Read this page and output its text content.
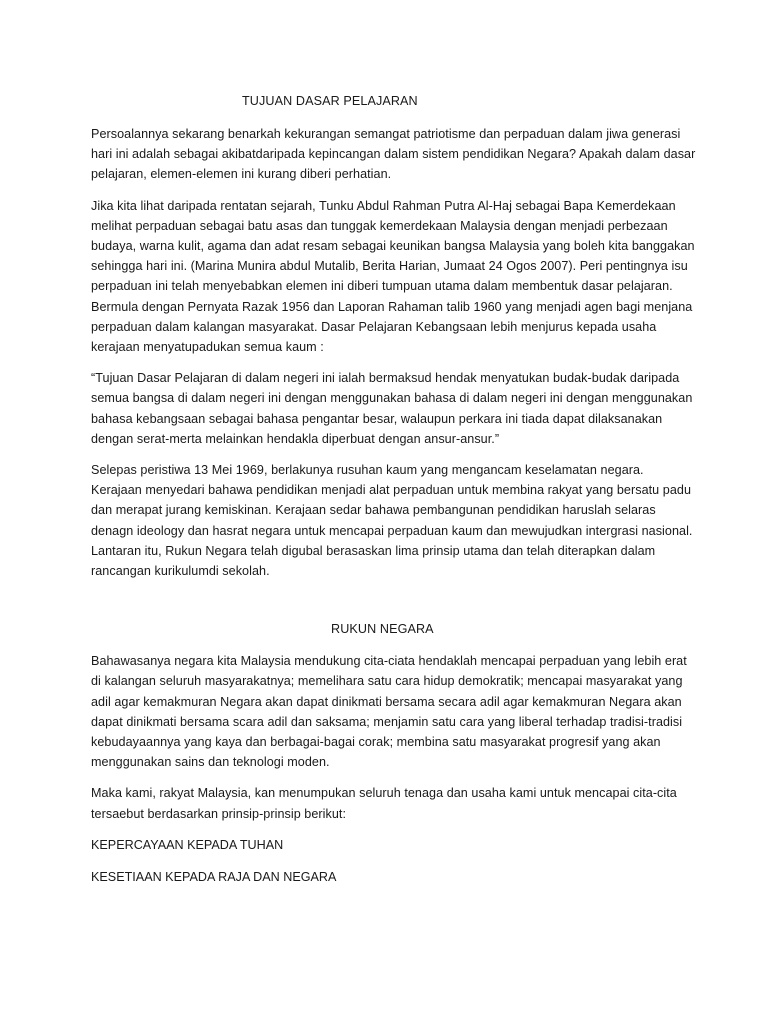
TUJUAN DASAR PELAJARAN

Persoalannya sekarang benarkah kekurangan semangat patriotisme dan perpaduan dalam jiwa generasi hari ini adalah sebagai akibatdaripada kepincangan dalam sistem pendidikan Negara? Apakah dalam dasar pelajaran, elemen-elemen ini kurang diberi perhatian.

Jika kita lihat daripada rentatan sejarah, Tunku Abdul Rahman Putra Al-Haj sebagai Bapa Kemerdekaan melihat perpaduan sebagai batu asas dan tunggak kemerdekaan Malaysia dengan menjadi perbezaan budaya, warna kulit, agama dan adat resam sebagai keunikan bangsa Malaysia yang boleh kita banggakan sehingga hari ini. (Marina Munira abdul Mutalib, Berita Harian, Jumaat 24 Ogos 2007). Peri pentingnya isu perpaduan ini telah menyebabkan elemen ini diberi tumpuan utama dalam membentuk dasar pelajaran. Bermula dengan Pernyata Razak 1956 dan Laporan Rahaman talib 1960 yang menjadi agen bagi menjana perpaduan dalam kalangan masyarakat. Dasar Pelajaran Kebangsaan lebih menjurus kepada usaha kerajaan menyatupadukan semua kaum :

“Tujuan Dasar Pelajaran di dalam negeri ini ialah bermaksud hendak menyatukan budak-budak daripada semua bangsa di dalam negeri ini dengan menggunakan bahasa di dalam negeri ini dengan menggunakan bahasa kebangsaan sebagai bahasa pengantar besar, walaupun perkara ini tiada dapat dilaksanakan dengan serat-merta melainkan hendakla diperbuat dengan ansur-ansur.”

Selepas peristiwa 13 Mei 1969, berlakunya rusuhan kaum yang mengancam keselamatan negara. Kerajaan menyedari bahawa pendidikan menjadi alat perpaduan untuk membina rakyat yang bersatu padu dan merapat jurang kemiskinan. Kerajaan sedar bahawa pembangunan pendidikan haruslah selaras denagn ideology dan hasrat negara untuk mencapai perpaduan kaum dan mewujudkan intergrasi nasional. Lantaran itu, Rukun Negara telah digubal berasaskan lima prinsip utama dan telah diterapkan dalam rancangan kurikulumdi sekolah.

RUKUN NEGARA

Bahawasanya negara kita Malaysia mendukung cita-ciata hendaklah mencapai perpaduan yang lebih erat di kalangan seluruh masyarakatnya; memelihara satu cara hidup demokratik; mencapai masyarakat yang adil agar kemakmuran Negara akan dapat dinikmati bersama secara adil agar kemakmuran Negara akan dapat dinikmati bersama scara adil dan saksama; menjamin satu cara yang liberal terhadap tradisi-tradisi kebudayaannya yang kaya dan berbagai-bagai corak; membina satu masyarakat progresif yang akan menggunakan sains dan teknologi moden.

Maka kami, rakyat Malaysia, kan menumpukan seluruh tenaga dan usaha kami untuk mencapai cita-cita tersaebut berdasarkan prinsip-prinsip berikut:

KEPERCAYAAN KEPADA TUHAN

KESETIAAN KEPADA RAJA DAN NEGARA
